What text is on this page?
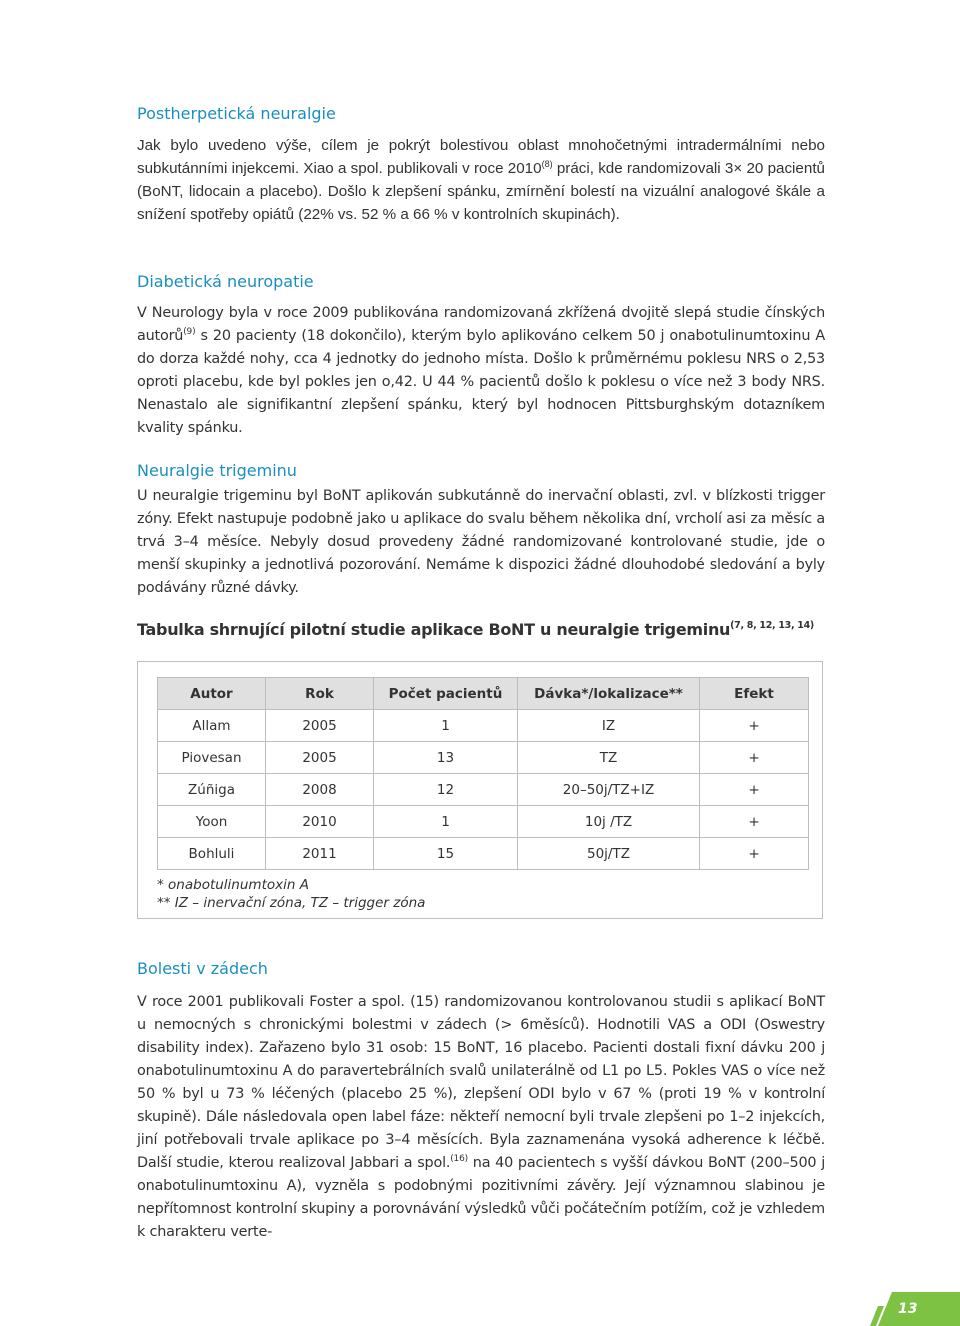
Postherpetická neuralgie

Jak bylo uvedeno výše, cílem je pokrýt bolestivou oblast mnohočetnými intradermálními nebo subkutánními injekcemi. Xiao a spol. publikovali v roce 2010$^{(8)}$ práci, kde randomizovali 3× 20 pacientů (BoNT, lidocain a placebo). Došlo k zlepšení spánku, zmírnění bolestí na vizuální analogové škále a snížení spotřeby opiátů (22% vs. 52 % a 66 % v kontrolních skupinách).

Diabetická neuropatie

V Neurology byla v roce 2009 publikována randomizovaná zkřížená dvojitě slepá studie čínských autorů$^{(9)}$ s 20 pacienty (18 dokončilo), kterým bylo aplikováno celkem 50 j onabotulinumtoxinu A do dorza každé nohy, cca 4 jednotky do jednoho místa. Došlo k průměrnému poklesu NRS o 2,53 oproti placebu, kde byl pokles jen o,42. U 44 % pacientů došlo k poklesu o více než 3 body NRS. Nenastalo ale signifikantní zlepšení spánku, který byl hodnocen Pittsburghským dotazníkem kvality spánku.

Neuralgie trigeminu

U neuralgie trigeminu byl BoNT aplikován subkutánně do inervační oblasti, zvl. v blízkosti trigger zóny. Efekt nastupuje podobně jako u aplikace do svalu během několika dní, vrcholí asi za měsíc a trvá 3–4 měsíce. Nebyly dosud provedeny žádné randomizované kontrolované studie, jde o menší skupinky a jednotlivá pozorování. Nemáme k dispozici žádné dlouhodobé sledování a byly podávány různé dávky.

Tabulka shrnující pilotní studie aplikace BoNT u neuralgie trigeminu$^{(7, 8, 12, 13, 14)}$

Autor	Rok	Počet pacientů	Dávka*/lokalizace**	Efekt
Allam	2005	1	IZ	+
Piovesan	2005	13	TZ	+
Zúñiga	2008	12	20–50j/TZ+IZ	+
Yoon	2010	1	10j /TZ	+
Bohluli	2011	15	50j/TZ	+
* onabotulinumtoxin A
** IZ – inervační zóna, TZ – trigger zóna
Bolesti v zádech

V roce 2001 publikovali Foster a spol. (15) randomizovanou kontrolovanou studii s aplikací BoNT u nemocných s chronickými bolestmi v zádech (> 6měsíců). Hodnotili VAS a ODI (Oswestry disability index). Zařazeno bylo 31 osob: 15 BoNT, 16 placebo. Pacienti dostali fixní dávku 200 j onabotulinumtoxinu A do paravertebrálních svalů unilaterálně od L1 po L5. Pokles VAS o více než 50 % byl u 73 % léčených (placebo 25 %), zlepšení ODI bylo v 67 % (proti 19 % v kontrolní skupině). Dále následovala open label fáze: někteří nemocní byli trvale zlepšeni po 1–2 injekcích, jiní potřebovali trvale aplikace po 3–4 měsících. Byla zaznamenána vysoká adherence k léčbě. Další studie, kterou realizoval Jabbari a spol.$^{(16)}$ na 40 pacientech s vyšší dávkou BoNT (200–500 j onabotulinumtoxinu A), vyzněla s podobnými pozitivními závěry. Její významnou slabinou je nepřítomnost kontrolní skupiny a porovnávání výsledků vůči počátečním potížím, což je vzhledem k charakteru verte-

13
